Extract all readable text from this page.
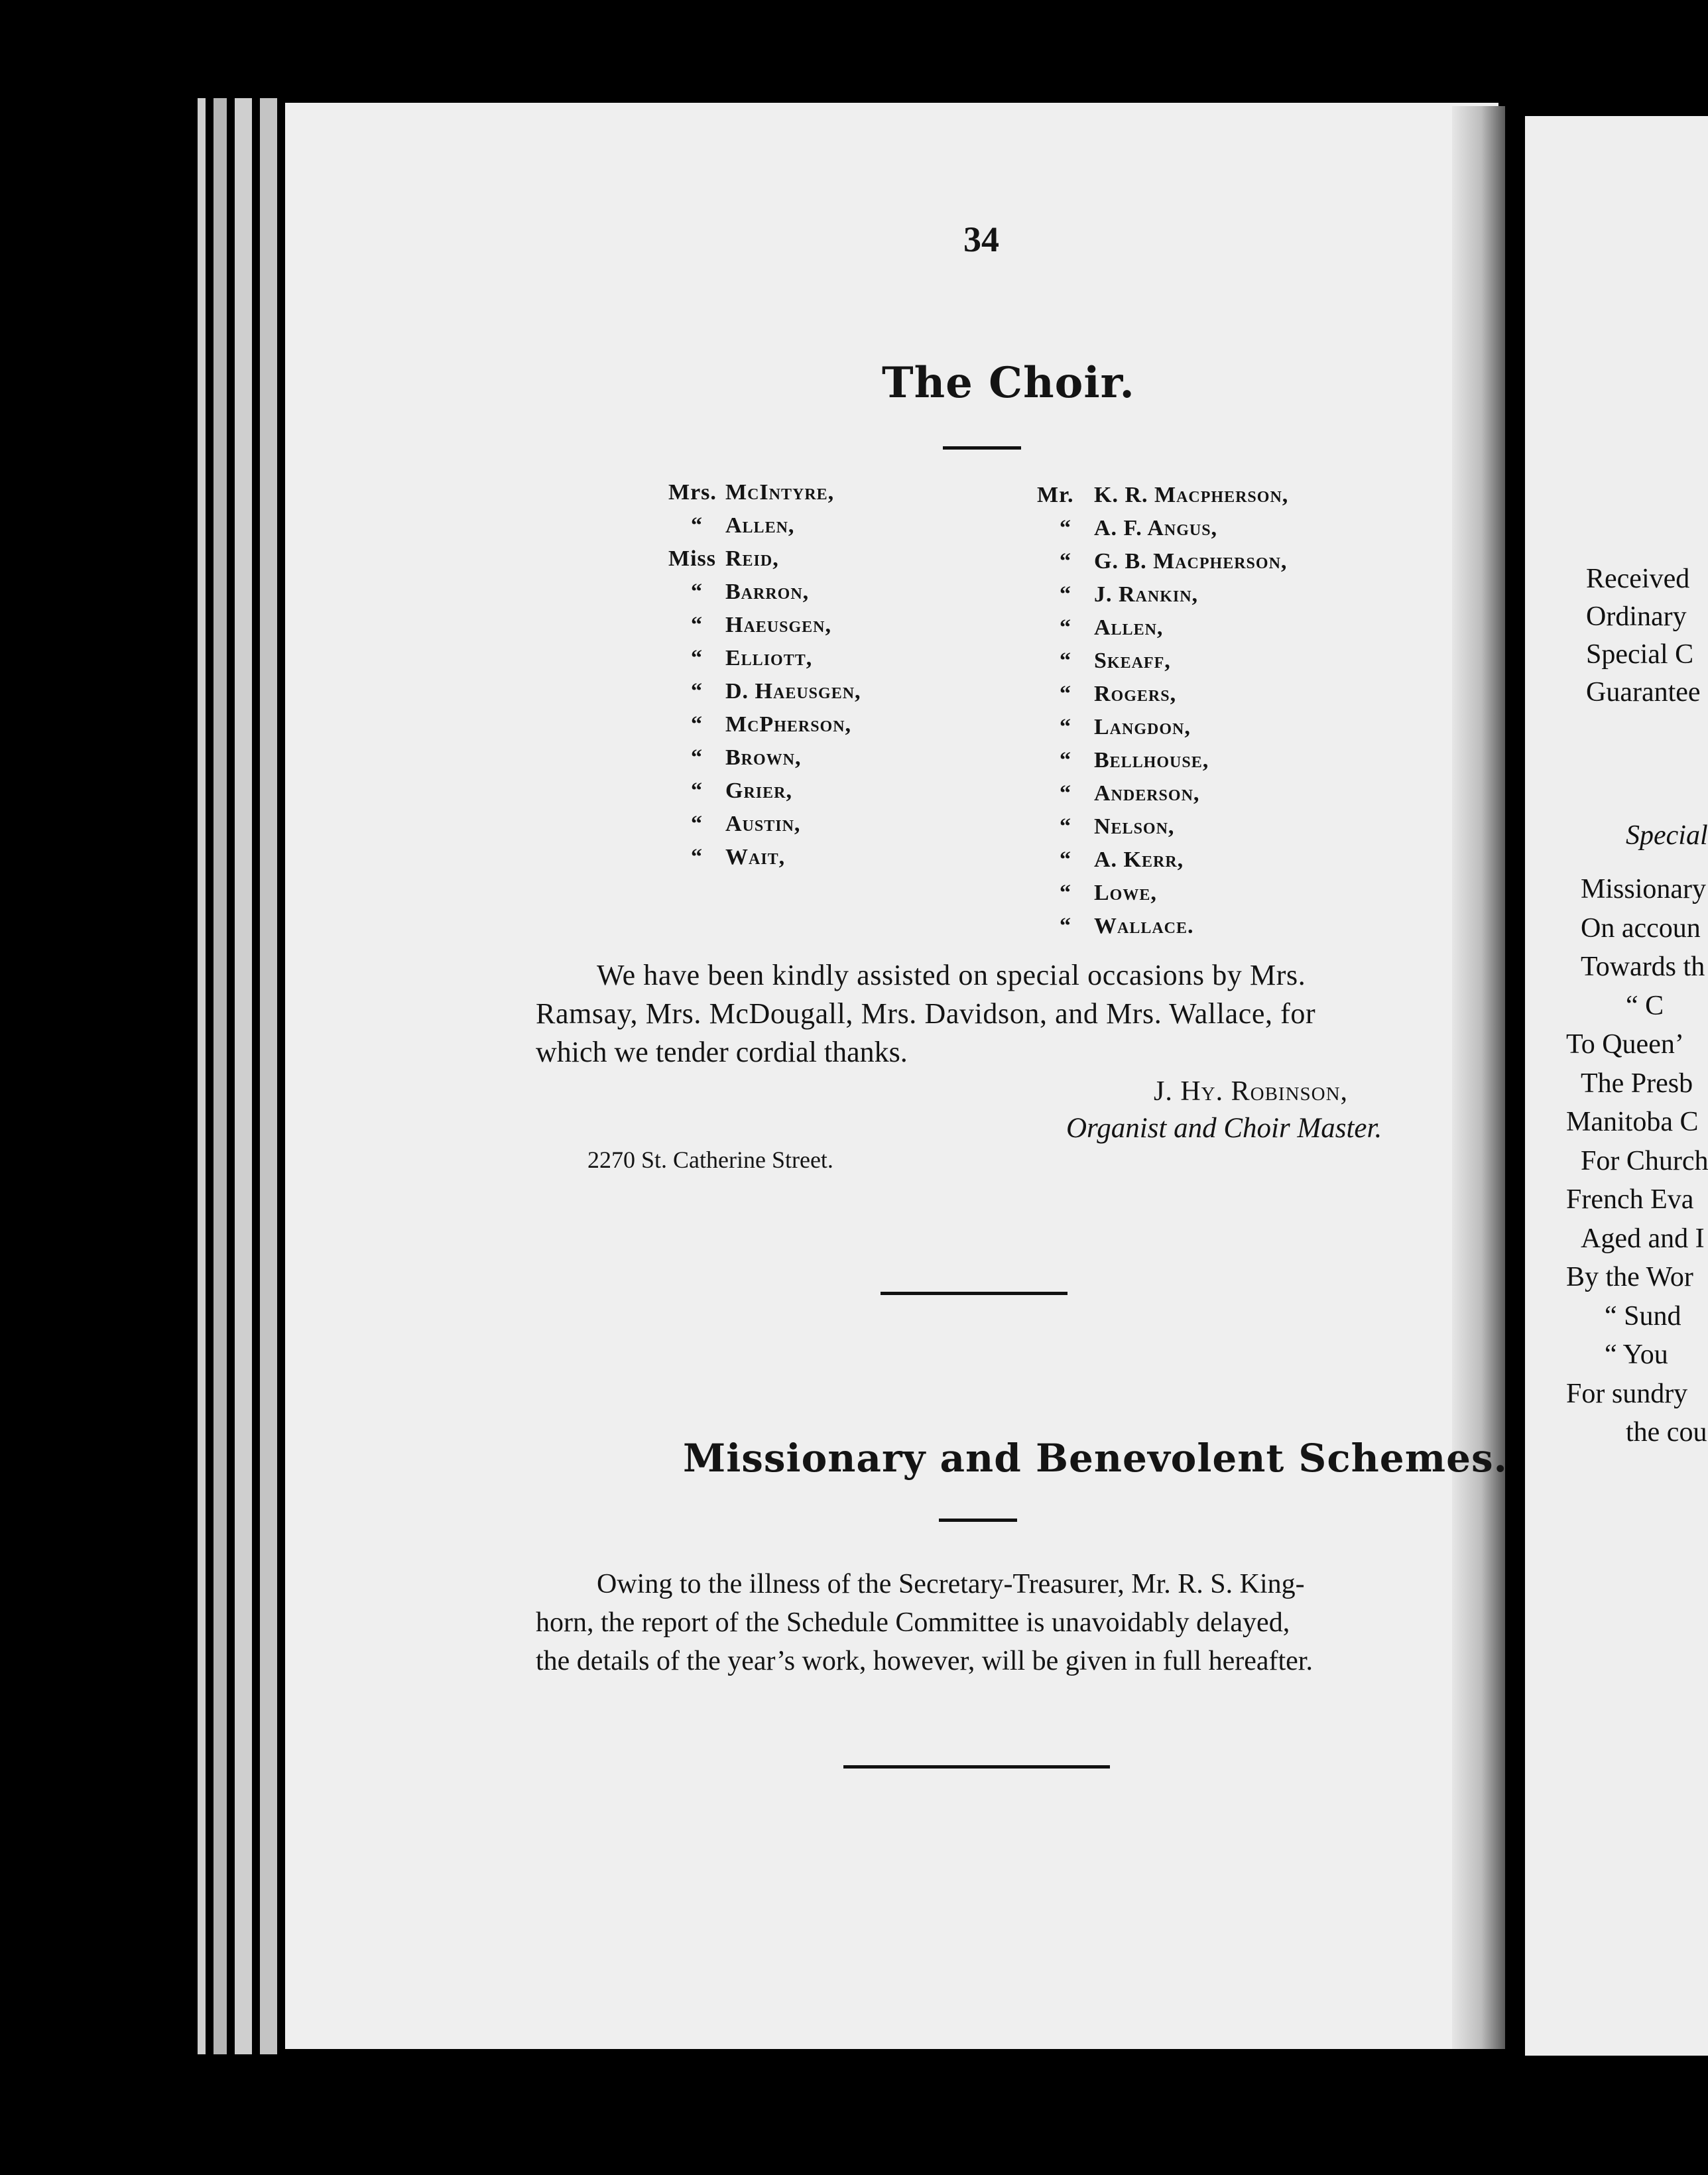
34
The Choir.
Mrs. McIntyre,
“ Allen,
Miss Reid,
“ Barron,
“ Haeusgen,
“ Elliott,
“ D. Haeusgen,
“ McPherson,
“ Brown,
“ Grier,
“ Austin,
“ Wait,
Mr. K. R. Macpherson,
“ A. F. Angus,
“ G. B. Macpherson,
“ J. Rankin,
“ Allen,
“ Skeaff,
“ Rogers,
“ Langdon,
“ Bellhouse,
“ Anderson,
“ Nelson,
“ A. Kerr,
“ Lowe,
“ Wallace.
We have been kindly assisted on special occasions by Mrs.
Ramsay, Mrs. McDougall, Mrs. Davidson, and Mrs. Wallace, for
which we tender cordial thanks.
J. Hy. Robinson,
Organist and Choir Master.
2270 St. Catherine Street.
Missionary and Benevolent Schemes.
Owing to the illness of the Secretary-Treasurer, Mr. R. S. King-
horn, the report of the Schedule Committee is unavoidably delayed,
the details of the year’s work, however, will be given in full hereafter.
Received
Ordinary
Special C
Guarantee
Special
Missionary
On accoun
Towards th
“ C
To Queen’
The Presb
Manitoba C
For Church
French Eva
Aged and I
By the Wor
“ Sund
“ You
For sundry
the cou
